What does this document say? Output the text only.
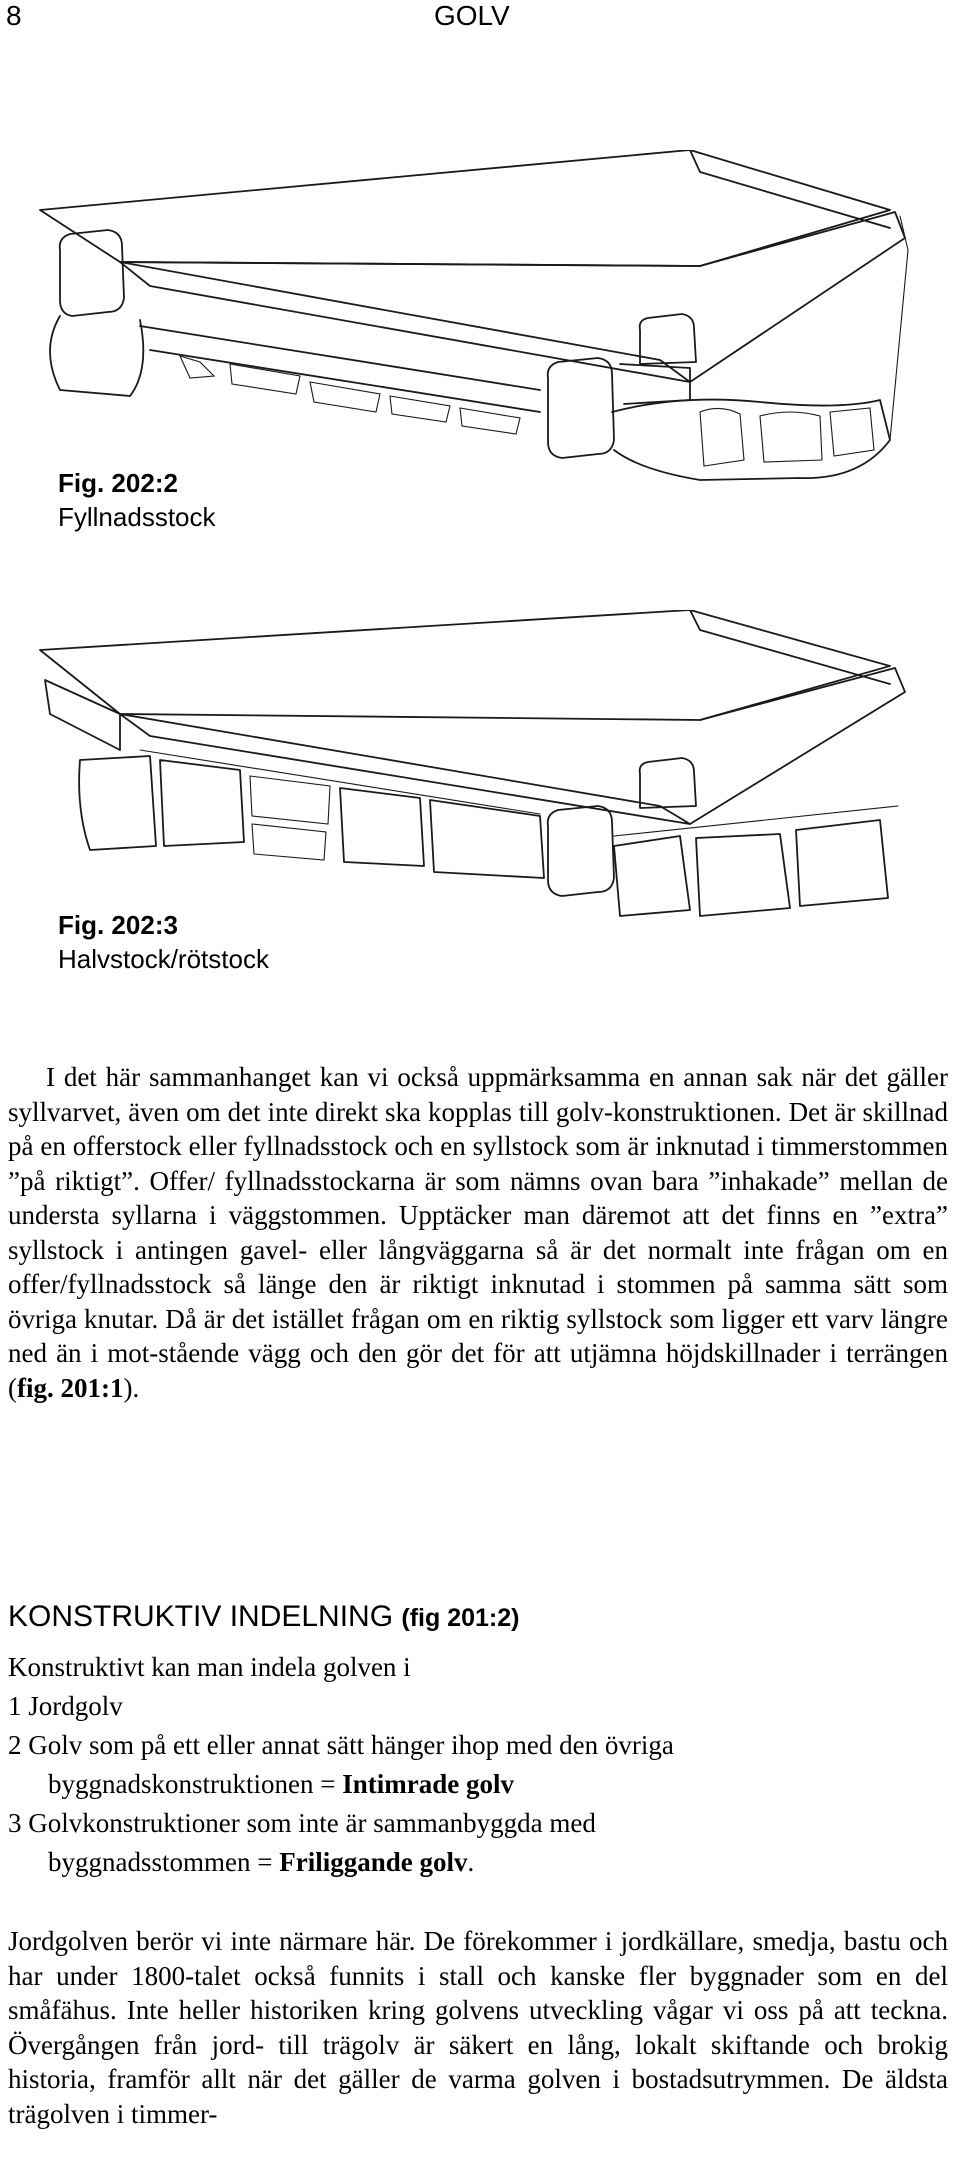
8	GOLV
Fig. 202:2
Fyllnadsstock
Fig. 202:3
Halvstock/rötstock
I det här sammanhanget kan vi också uppmärksamma en annan sak när det gäller syllvarvet, även om det inte direkt ska kopplas till golv-konstruktionen. Det är skillnad på en offerstock eller fyllnadsstock och en syllstock som är inknutad i timmerstommen ”på riktigt”. Offer/ fyllnadsstockarna är som nämns ovan bara ”inhakade” mellan de understa syllarna i väggstommen. Upptäcker man däremot att det finns en ”extra” syllstock i antingen gavel- eller långväggarna så är det normalt inte frågan om en offer/fyllnadsstock så länge den är riktigt inknutad i stommen på samma sätt som övriga knutar. Då är det istället frågan om en riktig syllstock som ligger ett varv längre ned än i mot-stående vägg och den gör det för att utjämna höjdskillnader i terrängen (fig. 201:1).
KONSTRUKTIV INDELNING (fig 201:2)
Konstruktivt kan man indela golven i
1 Jordgolv
2 Golv som på ett eller annat sätt hänger ihop med den övriga
byggnadskonstruktionen = Intimrade golv
3 Golvkonstruktioner som inte är sammanbyggda med
byggnadsstommen = Friliggande golv.
Jordgolven berör vi inte närmare här. De förekommer i jordkällare, smedja, bastu och har under 1800-talet också funnits i stall och kanske fler byggnader som en del småfähus. Inte heller historiken kring golvens utveckling vågar vi oss på att teckna. Övergången från jord- till trägolv är säkert en lång, lokalt skiftande och brokig historia, framför allt när det gäller de varma golven i bostadsutrymmen. De äldsta trägolven i timmer-
